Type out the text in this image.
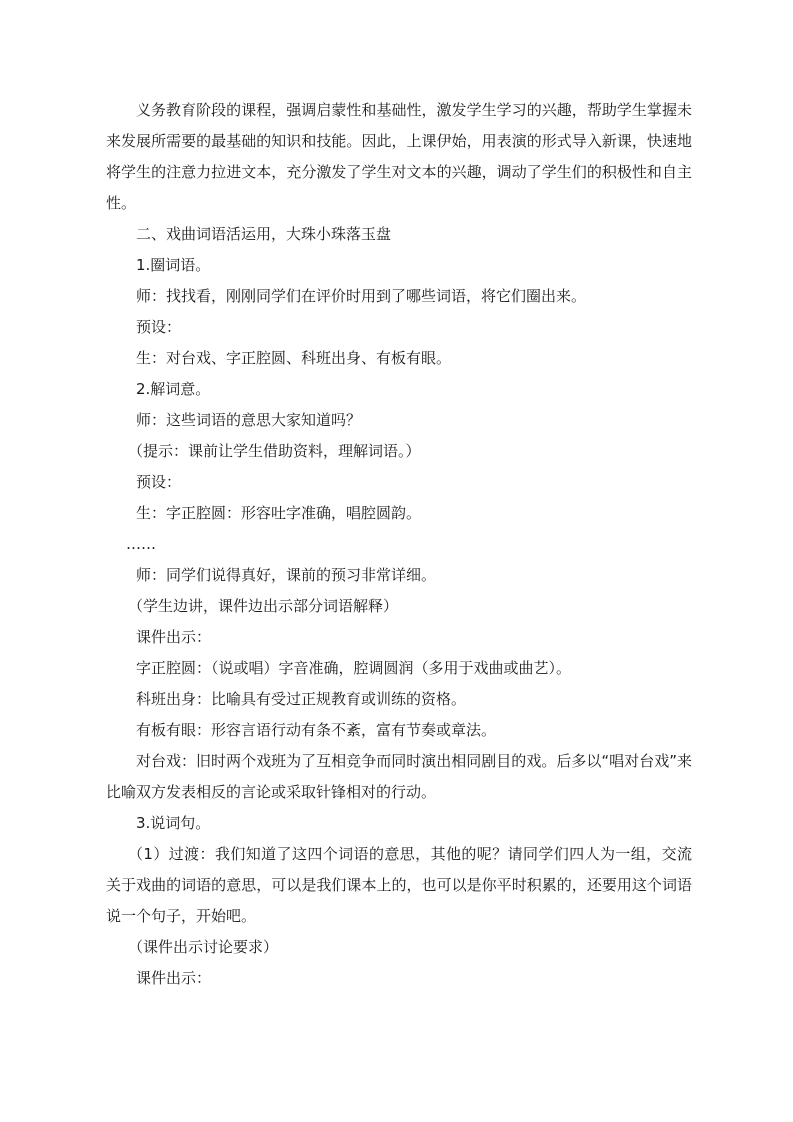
义务教育阶段的课程，强调启蒙性和基础性，激发学生学习的兴趣，帮助学生掌握未来发展所需要的最基础的知识和技能。因此，上课伊始，用表演的形式导入新课，快速地将学生的注意力拉进文本，充分激发了学生对文本的兴趣，调动了学生们的积极性和自主性。

二、戏曲词语活运用，大珠小珠落玉盘

1.圈词语。

师：找找看，刚刚同学们在评价时用到了哪些词语，将它们圈出来。

预设：

生：对台戏、字正腔圆、科班出身、有板有眼。

2.解词意。

师：这些词语的意思大家知道吗？

（提示：课前让学生借助资料，理解词语。）

预设：

生：字正腔圆：形容吐字准确，唱腔圆韵。

……

师：同学们说得真好，课前的预习非常详细。

（学生边讲，课件边出示部分词语解释）

课件出示：

字正腔圆：（说或唱）字音准确，腔调圆润（多用于戏曲或曲艺）。

科班出身：比喻具有受过正规教育或训练的资格。

有板有眼：形容言语行动有条不紊，富有节奏或章法。

对台戏：旧时两个戏班为了互相竞争而同时演出相同剧目的戏。后多以“唱对台戏”来比喻双方发表相反的言论或采取针锋相对的行动。

3.说词句。

（1）过渡：我们知道了这四个词语的意思，其他的呢？请同学们四人为一组，交流关于戏曲的词语的意思，可以是我们课本上的，也可以是你平时积累的，还要用这个词语说一个句子，开始吧。

（课件出示讨论要求）

课件出示：
